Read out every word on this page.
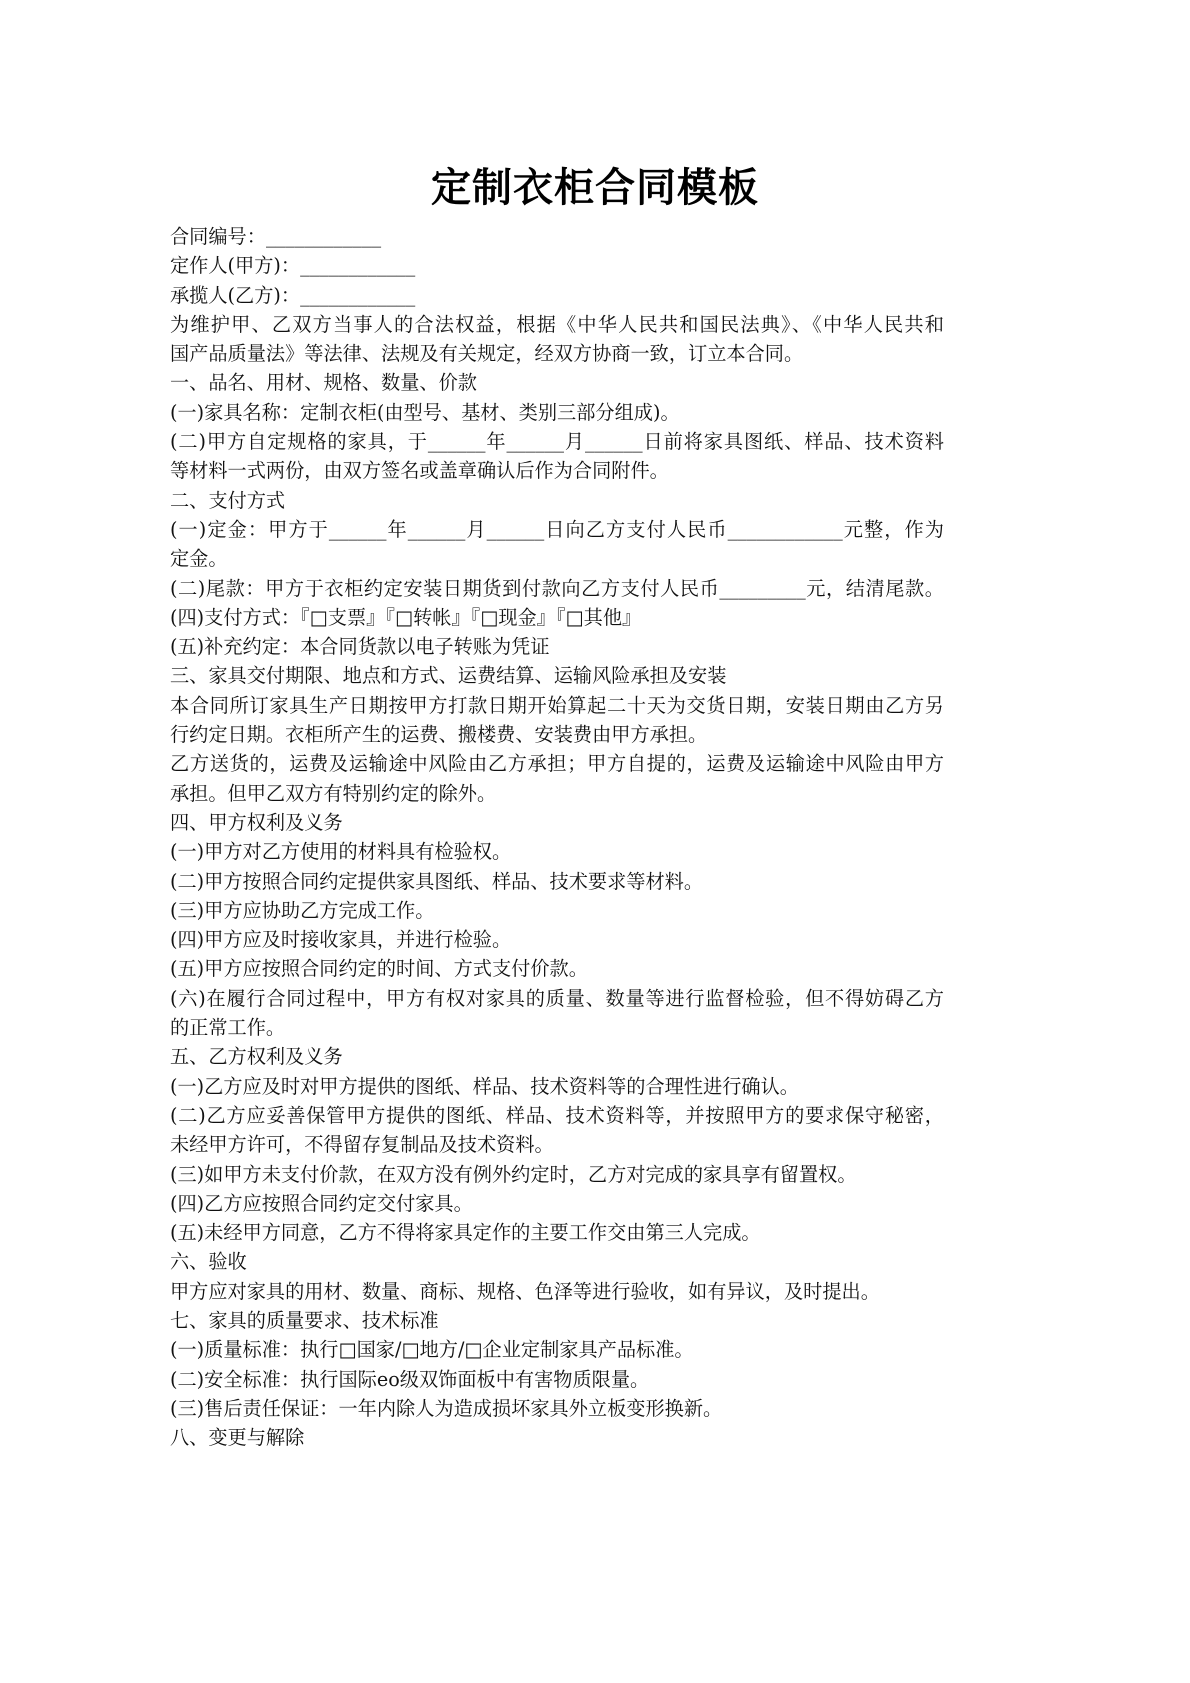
定制衣柜合同模板
合同编号：____________
定作人(甲方)：____________
承揽人(乙方)：____________
为维护甲、乙双方当事人的合法权益，根据《中华人民共和国民法典》、《中华人民共和
国产品质量法》等法律、法规及有关规定，经双方协商一致，订立本合同。
一、品名、用材、规格、数量、价款
(一)家具名称：定制衣柜(由型号、基材、类别三部分组成)。
(二)甲方自定规格的家具，于______年______月______日前将家具图纸、样品、技术资料
等材料一式两份，由双方签名或盖章确认后作为合同附件。
二、支付方式
(一)定金：甲方于______年______月______日向乙方支付人民币____________元整，作为
定金。
(二)尾款：甲方于衣柜约定安装日期货到付款向乙方支付人民币_________元，结清尾款。
(四)支付方式：『□支票』『□转帐』『□现金』『□其他』
(五)补充约定：本合同货款以电子转账为凭证
三、家具交付期限、地点和方式、运费结算、运输风险承担及安装
本合同所订家具生产日期按甲方打款日期开始算起二十天为交货日期，安装日期由乙方另
行约定日期。衣柜所产生的运费、搬楼费、安装费由甲方承担。
乙方送货的，运费及运输途中风险由乙方承担；甲方自提的，运费及运输途中风险由甲方
承担。但甲乙双方有特别约定的除外。
四、甲方权利及义务
(一)甲方对乙方使用的材料具有检验权。
(二)甲方按照合同约定提供家具图纸、样品、技术要求等材料。
(三)甲方应协助乙方完成工作。
(四)甲方应及时接收家具，并进行检验。
(五)甲方应按照合同约定的时间、方式支付价款。
(六)在履行合同过程中，甲方有权对家具的质量、数量等进行监督检验，但不得妨碍乙方
的正常工作。
五、乙方权利及义务
(一)乙方应及时对甲方提供的图纸、样品、技术资料等的合理性进行确认。
(二)乙方应妥善保管甲方提供的图纸、样品、技术资料等，并按照甲方的要求保守秘密，
未经甲方许可，不得留存复制品及技术资料。
(三)如甲方未支付价款，在双方没有例外约定时，乙方对完成的家具享有留置权。
(四)乙方应按照合同约定交付家具。
(五)未经甲方同意，乙方不得将家具定作的主要工作交由第三人完成。
六、验收
甲方应对家具的用材、数量、商标、规格、色泽等进行验收，如有异议，及时提出。
七、家具的质量要求、技术标准
(一)质量标准：执行□国家/□地方/□企业定制家具产品标准。
(二)安全标准：执行国际eo级双饰面板中有害物质限量。
(三)售后责任保证：一年内除人为造成损坏家具外立板变形换新。
八、变更与解除
